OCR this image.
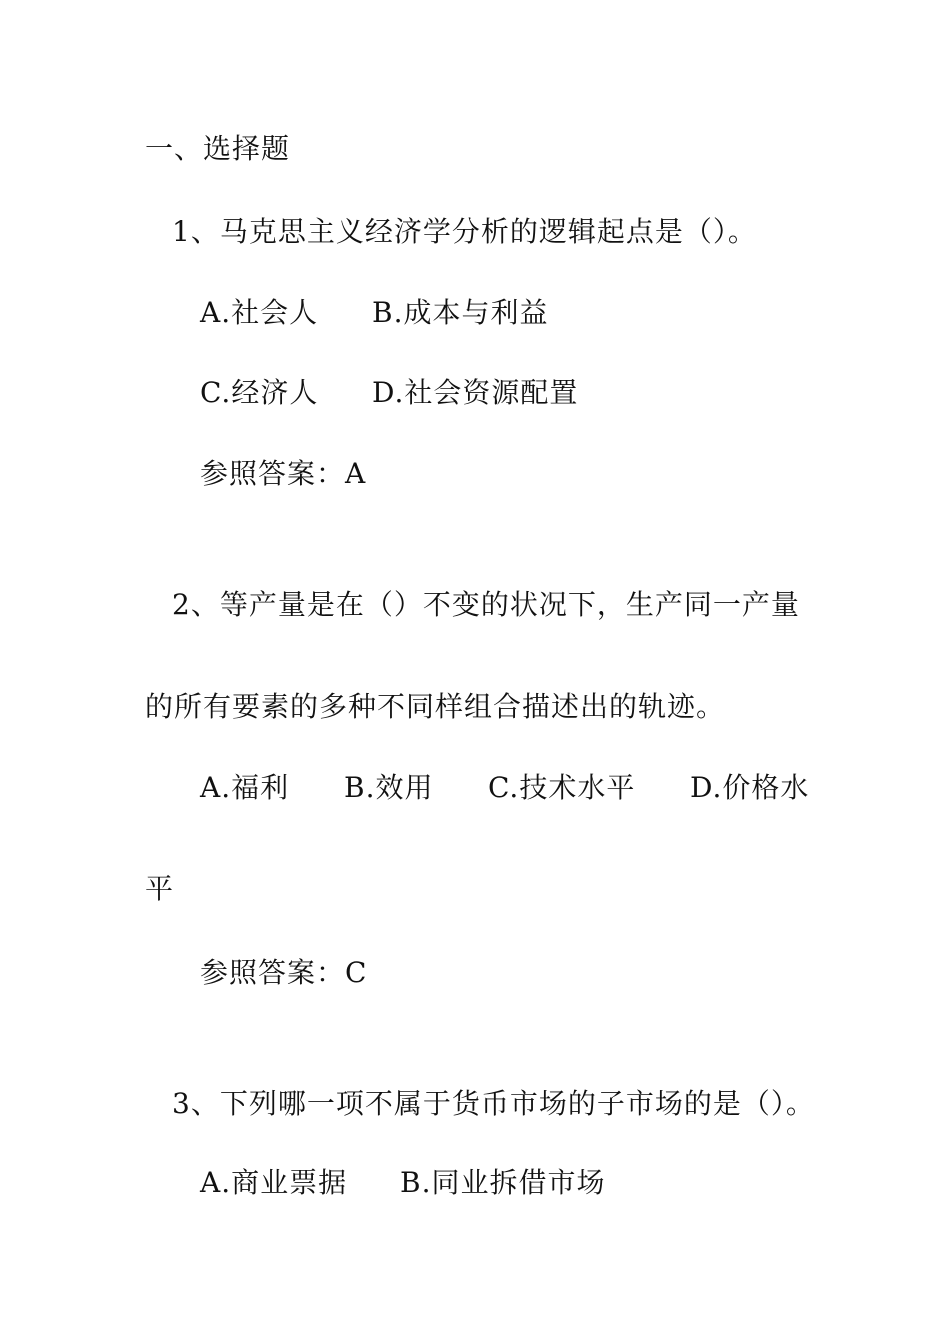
一、选择题
1、马克思主义经济学分析的逻辑起点是（）。
A.社会人 B.成本与利益
C.经济人 D.社会资源配置
参照答案：A
2、等产量是在（）不变的状况下，生产同一产量
的所有要素的多种不同样组合描述出的轨迹。
A.福利 B.效用 C.技术水平 D.价格水
平
参照答案：C
3、下列哪一项不属于货币市场的子市场的是（）。
A.商业票据 B.同业拆借市场
